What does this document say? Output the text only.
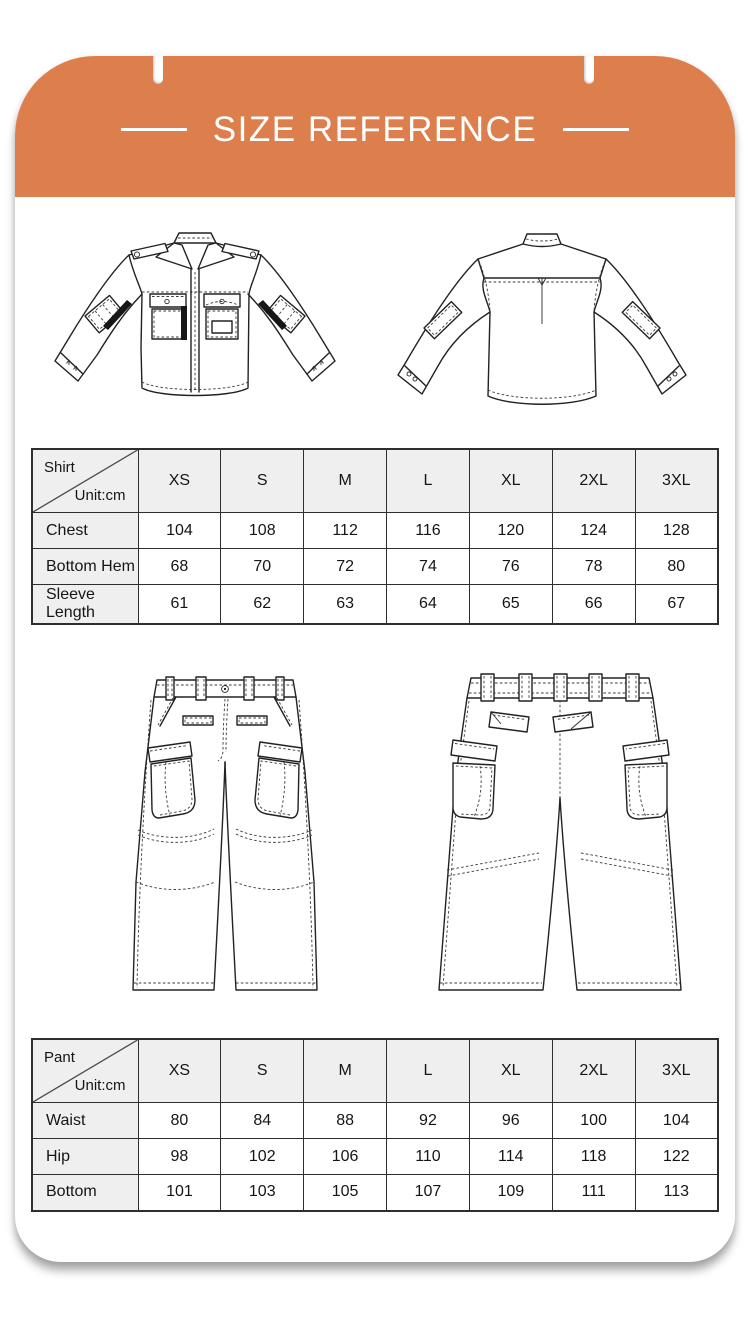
SIZE REFERENCE
Shirt
Unit:cm	XS	S	M	L	XL	2XL	3XL
Chest	104	108	112	116	120	124	128
Bottom Hem	68	70	72	74	76	78	80
Sleeve Length	61	62	63	64	65	66	67
Pant
Unit:cm	XS	S	M	L	XL	2XL	3XL
Waist	80	84	88	92	96	100	104
Hip	98	102	106	110	114	118	122
Bottom	101	103	105	107	109	111	113
